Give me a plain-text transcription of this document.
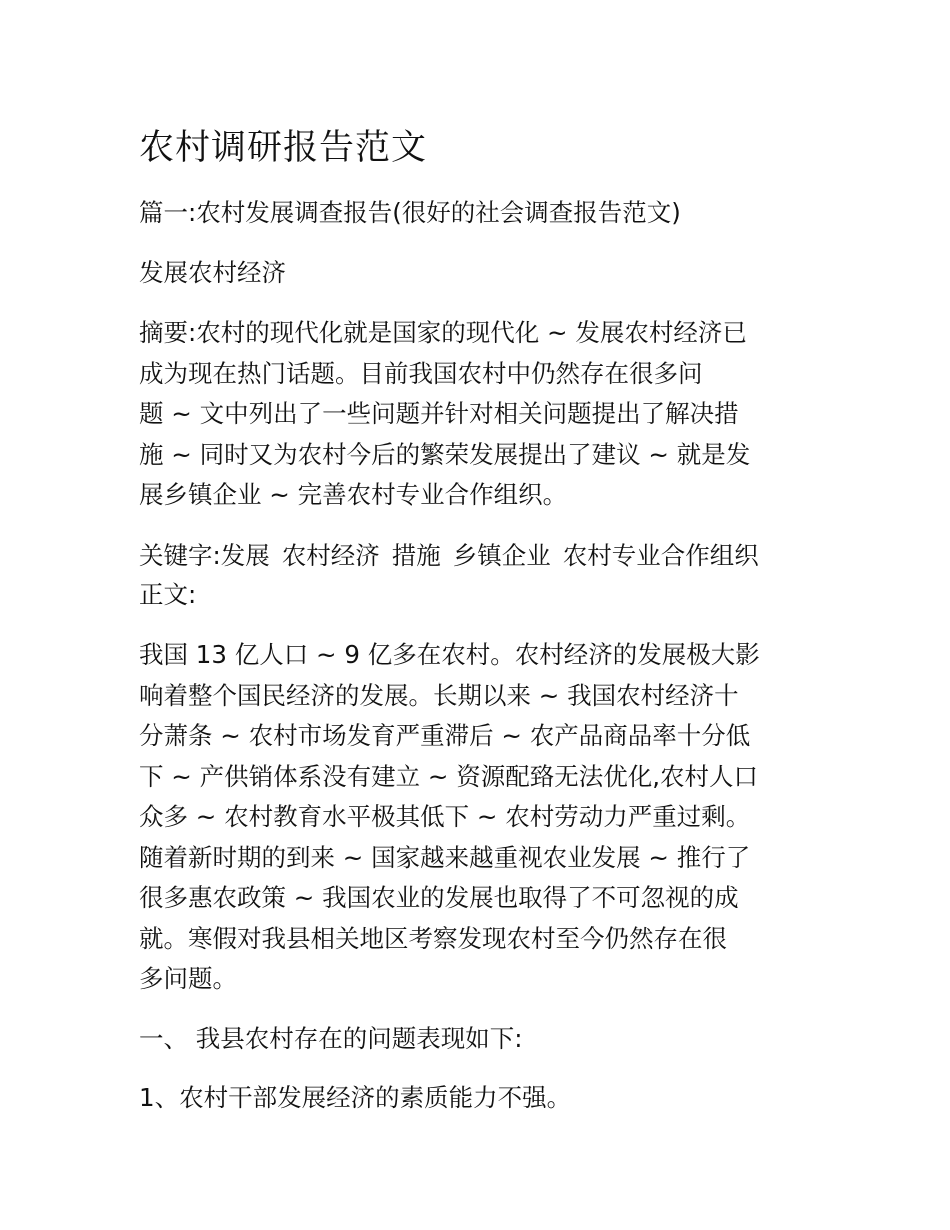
农村调研报告范文

篇一:农村发展调查报告(很好的社会调查报告范文)

发展农村经济

摘要:农村的现代化就是国家的现代化 ~ 发展农村经济已
成为现在热门话题。目前我国农村中仍然存在很多问
题 ~ 文中列出了一些问题并针对相关问题提出了解决措
施 ~ 同时又为农村今后的繁荣发展提出了建议 ~ 就是发
展乡镇企业 ~ 完善农村专业合作组织。

关键字:发展 农村经济 措施 乡镇企业 农村专业合作组织

正文:

我国 13 亿人口 ~ 9 亿多在农村。农村经济的发展极大影
响着整个国民经济的发展。长期以来 ~ 我国农村经济十
分萧条 ~ 农村市场发育严重滞后 ~ 农产品商品率十分低
下 ~ 产供销体系没有建立 ~ 资源配臵无法优化,农村人口
众多 ~ 农村教育水平极其低下 ~ 农村劳动力严重过剩。
随着新时期的到来 ~ 国家越来越重视农业发展 ~ 推行了
很多惠农政策 ~ 我国农业的发展也取得了不可忽视的成
就。寒假对我县相关地区考察发现农村至今仍然存在很
多问题。

一、 我县农村存在的问题表现如下:

1、农村干部发展经济的素质能力不强。
